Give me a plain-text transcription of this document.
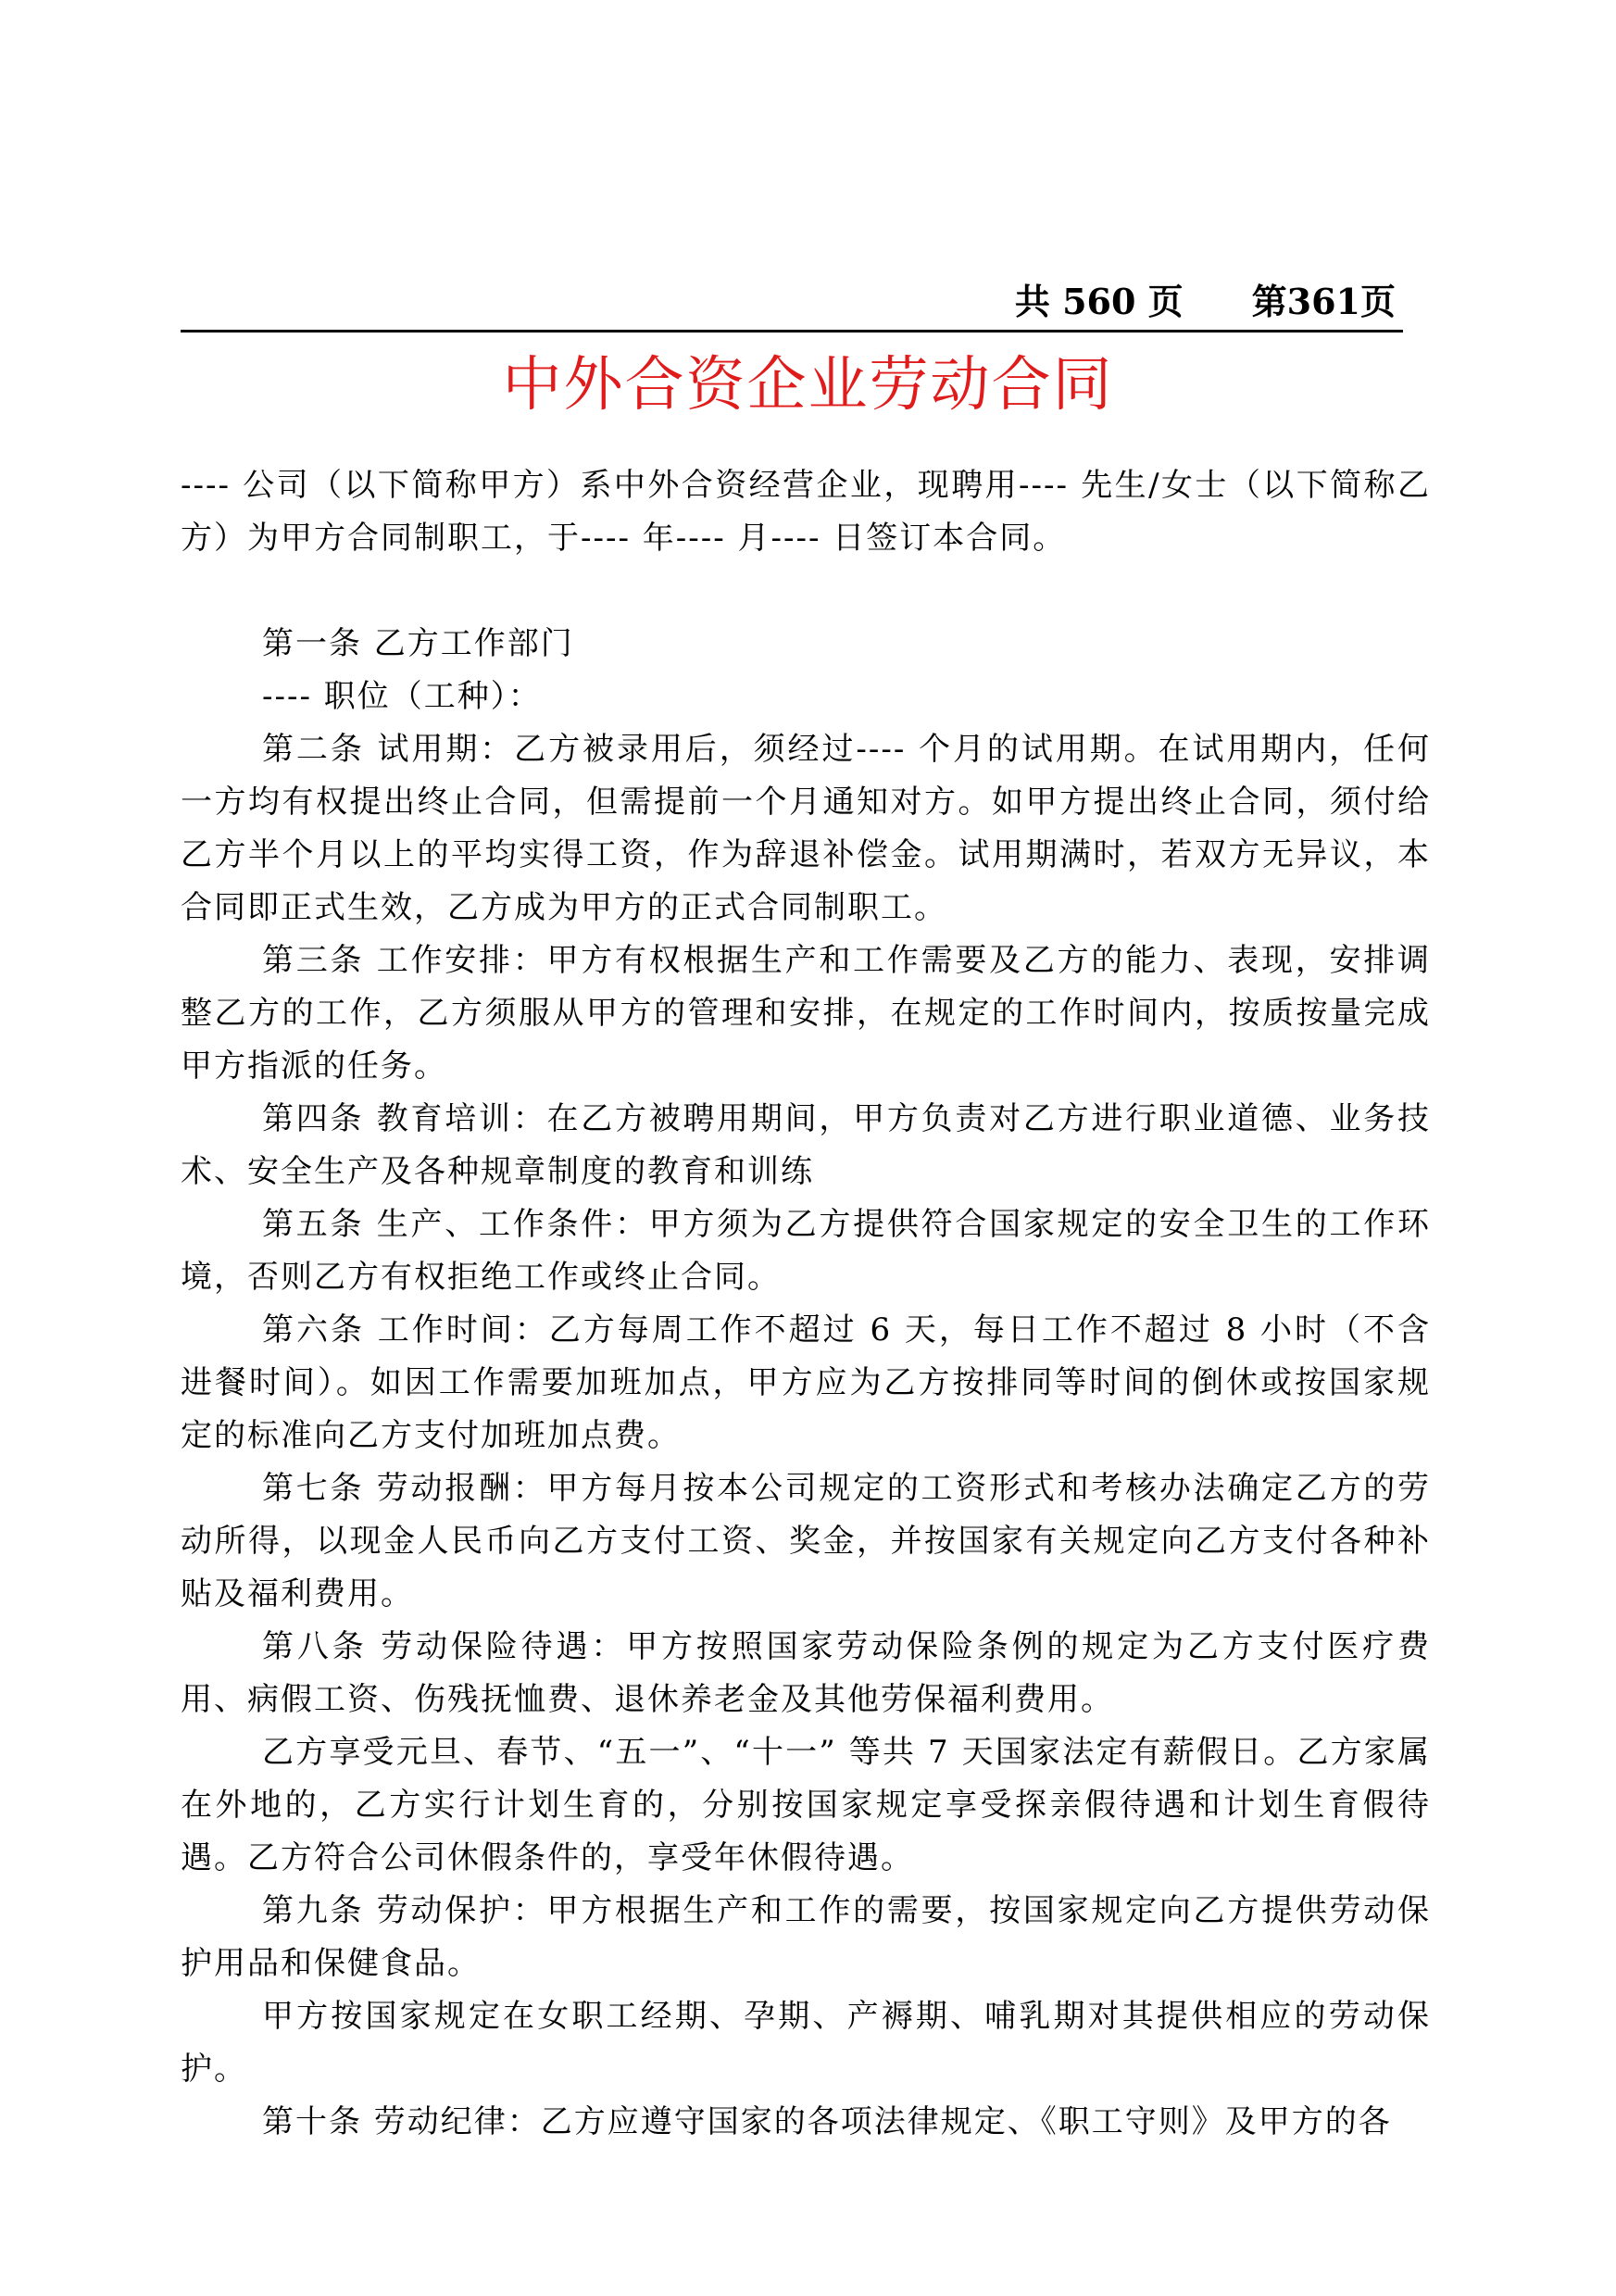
共 560 页 第361页
中外合资企业劳动合同

---- 公司（以下简称甲方）系中外合资经营企业，现聘用---- 先生/女士（以下简称乙方）为甲方合同制职工，于---- 年---- 月---- 日签订本合同。

第一条 乙方工作部门

---- 职位（工种）：

第二条 试用期：乙方被录用后，须经过---- 个月的试用期。在试用期内，任何一方均有权提出终止合同，但需提前一个月通知对方。如甲方提出终止合同，须付给乙方半个月以上的平均实得工资，作为辞退补偿金。试用期满时，若双方无异议，本合同即正式生效，乙方成为甲方的正式合同制职工。

第三条 工作安排：甲方有权根据生产和工作需要及乙方的能力、表现，安排调整乙方的工作，乙方须服从甲方的管理和安排，在规定的工作时间内，按质按量完成甲方指派的任务。

第四条 教育培训：在乙方被聘用期间，甲方负责对乙方进行职业道德、业务技术、安全生产及各种规章制度的教育和训练

第五条 生产、工作条件：甲方须为乙方提供符合国家规定的安全卫生的工作环境，否则乙方有权拒绝工作或终止合同。

第六条 工作时间：乙方每周工作不超过 6 天，每日工作不超过 8 小时（不含进餐时间）。如因工作需要加班加点，甲方应为乙方按排同等时间的倒休或按国家规定的标准向乙方支付加班加点费。

第七条 劳动报酬：甲方每月按本公司规定的工资形式和考核办法确定乙方的劳动所得，以现金人民币向乙方支付工资、奖金，并按国家有关规定向乙方支付各种补贴及福利费用。

第八条 劳动保险待遇：甲方按照国家劳动保险条例的规定为乙方支付医疗费用、病假工资、伤残抚恤费、退休养老金及其他劳保福利费用。

乙方享受元旦、春节、“五一”、“十一” 等共 7 天国家法定有薪假日。乙方家属在外地的，乙方实行计划生育的，分别按国家规定享受探亲假待遇和计划生育假待遇。乙方符合公司休假条件的，享受年休假待遇。

第九条 劳动保护：甲方根据生产和工作的需要，按国家规定向乙方提供劳动保护用品和保健食品。

甲方按国家规定在女职工经期、孕期、产褥期、哺乳期对其提供相应的劳动保护。

第十条 劳动纪律：乙方应遵守国家的各项法律规定、《职工守则》及甲方的各
